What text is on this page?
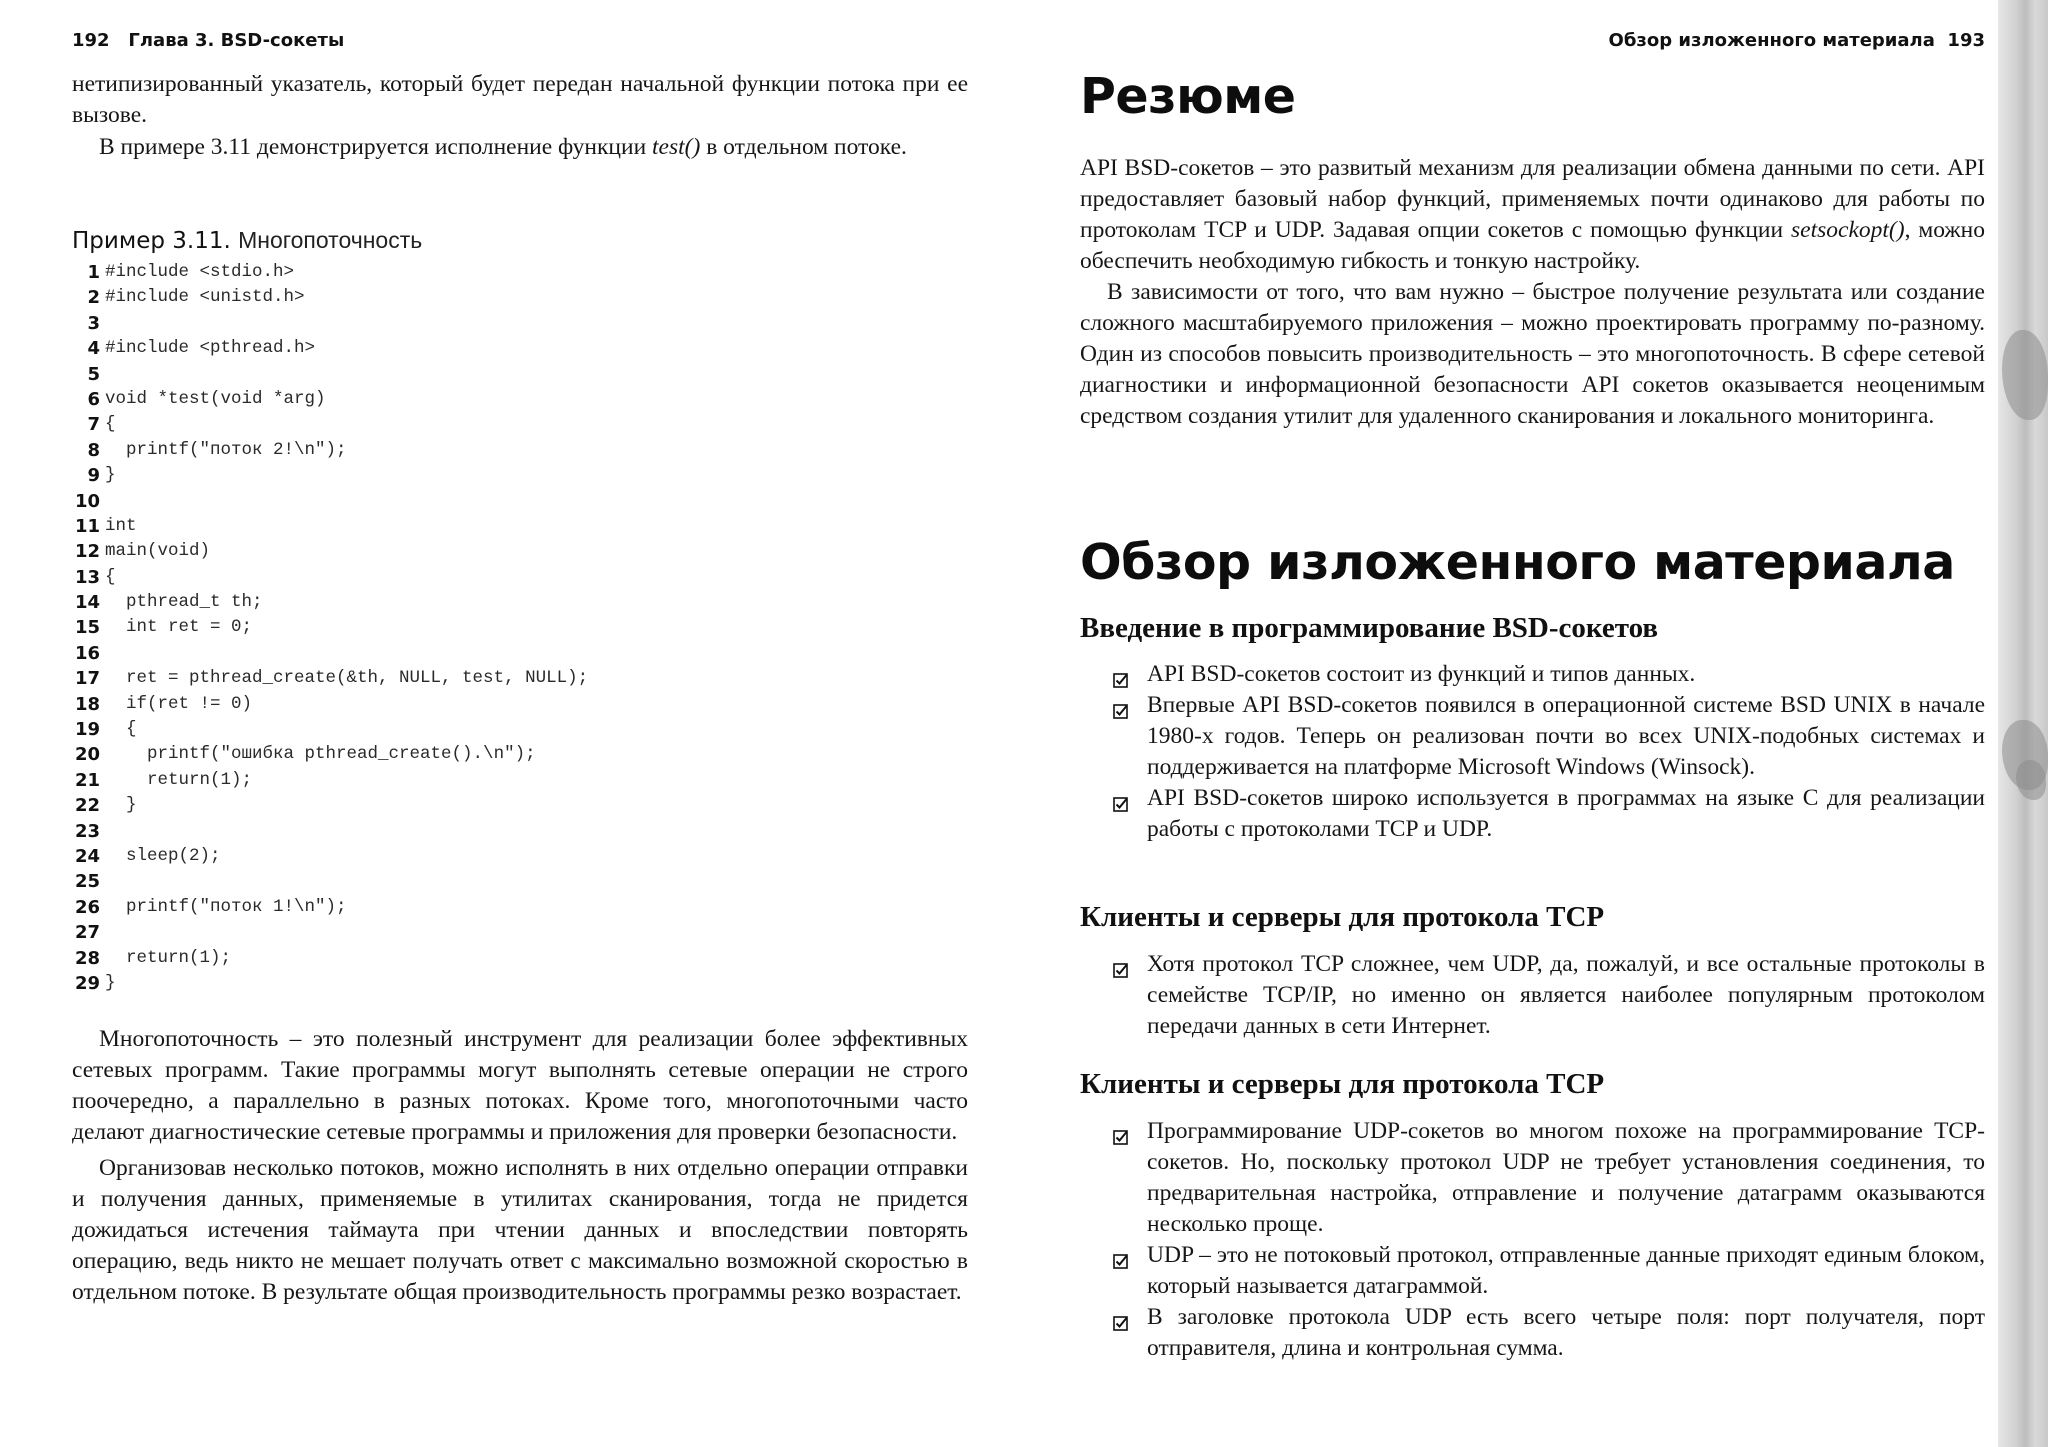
192 Глава 3. BSD-сокеты

нетипизированный указатель, который будет передан начальной функции потока при ее вызове.

В примере 3.11 демонстрируется исполнение функции test() в отдельном потоке.

Пример 3.11. Многопоточность
1 #include <stdio.h>
2 #include <unistd.h>
3
4 #include <pthread.h>
5
6 void *test(void *arg)
7 {
8 printf("поток 2!\n");
9 }
10
11 int
12 main(void)
13 {
14 pthread_t th;
15 int ret = 0;
16
17 ret = pthread_create(&th, NULL, test, NULL);
18 if(ret != 0)
19 {
20 printf("ошибка pthread_create().\n");
21 return(1);
22 }
23
24 sleep(2);
25
26 printf("поток 1!\n");
27
28 return(1);
29 }

Многопоточность – это полезный инструмент для реализации более эффективных сетевых программ. Такие программы могут выполнять сетевые операции не строго поочередно, а параллельно в разных потоках. Кроме того, многопоточными часто делают диагностические сетевые программы и приложения для проверки безопасности.

Организовав несколько потоков, можно исполнять в них отдельно операции отправки и получения данных, применяемые в утилитах сканирования, тогда не придется дожидаться истечения таймаута при чтении данных и впоследствии повторять операцию, ведь никто не мешает получать ответ с максимально возможной скоростью в отдельном потоке. В результате общая производительность программы резко возрастает.

Обзор изложенного материала 193
Резюме

API BSD-сокетов – это развитый механизм для реализации обмена данными по сети. API предоставляет базовый набор функций, применяемых почти одинаково для работы по протоколам TCP и UDP. Задавая опции сокетов с помощью функции setsockopt(), можно обеспечить необходимую гибкость и тонкую настройку.

В зависимости от того, что вам нужно – быстрое получение результата или создание сложного масштабируемого приложения – можно проектировать программу по-разному. Один из способов повысить производительность – это многопоточность. В сфере сетевой диагностики и информационной безопасности API сокетов оказывается неоценимым средством создания утилит для удаленного сканирования и локального мониторинга.

Обзор изложенного материала
Введение в программирование BSD-сокетов
API BSD-сокетов состоит из функций и типов данных.
Впервые API BSD-сокетов появился в операционной системе BSD UNIX в начале 1980-х годов. Теперь он реализован почти во всех UNIX-подобных системах и поддерживается на платформе Microsoft Windows (Winsock).
API BSD-сокетов широко используется в программах на языке C для реализации работы с протоколами TCP и UDP.
Клиенты и серверы для протокола TCP
Хотя протокол TCP сложнее, чем UDP, да, пожалуй, и все остальные протоколы в семействе TCP/IP, но именно он является наиболее популярным протоколом передачи данных в сети Интернет.
Клиенты и серверы для протокола TCP
Программирование UDP-сокетов во многом похоже на программирование TCP-сокетов. Но, поскольку протокол UDP не требует установления соединения, то предварительная настройка, отправление и получение датаграмм оказываются несколько проще.
UDP – это не потоковый протокол, отправленные данные приходят единым блоком, который называется датаграммой.
В заголовке протокола UDP есть всего четыре поля: порт получателя, порт отправителя, длина и контрольная сумма.
